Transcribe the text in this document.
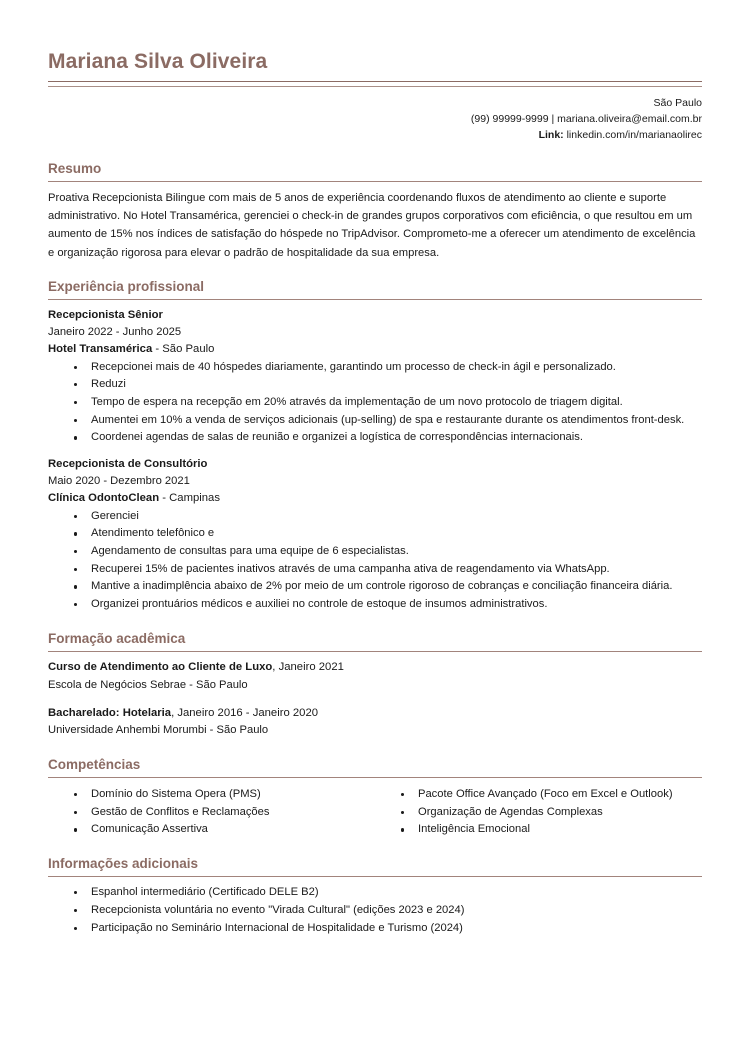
Mariana Silva Oliveira
São Paulo
(99) 99999-9999 | mariana.oliveira@email.com.br
Link: linkedin.com/in/marianaolirec
Resumo
Proativa Recepcionista Bilingue com mais de 5 anos de experiência coordenando fluxos de atendimento ao cliente e suporte administrativo. No Hotel Transamérica, gerenciei o check-in de grandes grupos corporativos com eficiência, o que resultou em um aumento de 15% nos índices de satisfação do hóspede no TripAdvisor. Comprometo-me a oferecer um atendimento de excelência e organização rigorosa para elevar o padrão de hospitalidade da sua empresa.
Experiência profissional
Recepcionista Sênior
Janeiro 2022 - Junho 2025
Hotel Transamérica - São Paulo
Recepcionei mais de 40 hóspedes diariamente, garantindo um processo de check-in ágil e personalizado.
Reduzi
Tempo de espera na recepção em 20% através da implementação de um novo protocolo de triagem digital.
Aumentei em 10% a venda de serviços adicionais (up-selling) de spa e restaurante durante os atendimentos front-desk.
Coordenei agendas de salas de reunião e organizei a logística de correspondências internacionais.
Recepcionista de Consultório
Maio 2020 - Dezembro 2021
Clínica OdontoClean - Campinas
Gerenciei
Atendimento telefônico e
Agendamento de consultas para uma equipe de 6 especialistas.
Recuperei 15% de pacientes inativos através de uma campanha ativa de reagendamento via WhatsApp.
Mantive a inadimplência abaixo de 2% por meio de um controle rigoroso de cobranças e conciliação financeira diária.
Organizei prontuários médicos e auxiliei no controle de estoque de insumos administrativos.
Formação acadêmica
Curso de Atendimento ao Cliente de Luxo, Janeiro 2021
Escola de Negócios Sebrae - São Paulo
Bacharelado: Hotelaria, Janeiro 2016 - Janeiro 2020
Universidade Anhembi Morumbi - São Paulo
Competências
Domínio do Sistema Opera (PMS)
Gestão de Conflitos e Reclamações
Comunicação Assertiva
Pacote Office Avançado (Foco em Excel e Outlook)
Organização de Agendas Complexas
Inteligência Emocional
Informações adicionais
Espanhol intermediário (Certificado DELE B2)
Recepcionista voluntária no evento "Virada Cultural" (edições 2023 e 2024)
Participação no Seminário Internacional de Hospitalidade e Turismo (2024)
